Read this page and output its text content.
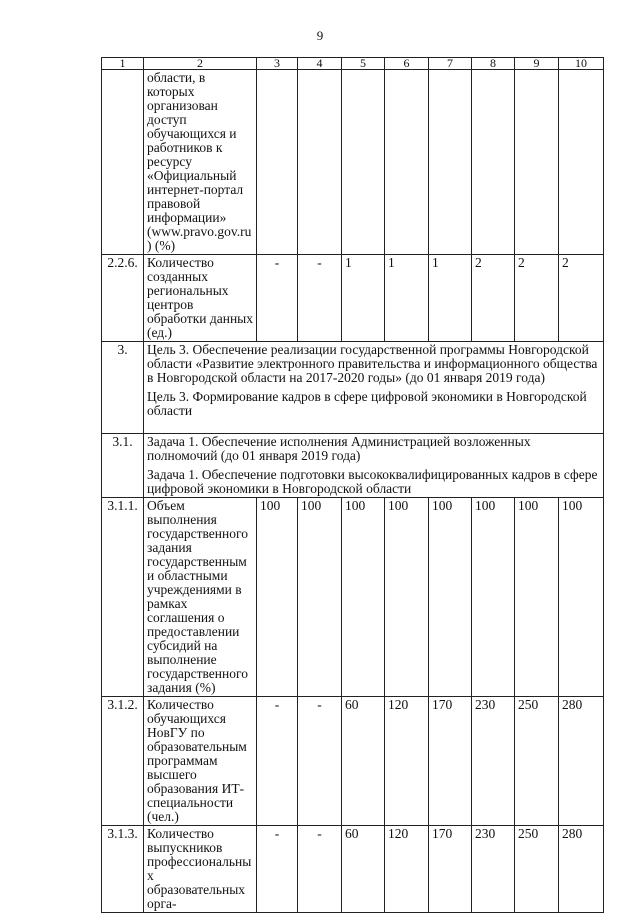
9
1	2	3	4	5	6	7	8	9	10
	области, в которых организован доступ обучающихся и работников к ресурсу «Официальный интернет-портал правовой информации» (www.pravo.gov.ru) (%)								
2.2.6.	Количество созданных региональных центров обработки данных (ед.)	-	-	1	1	1	2	2	2
3.	Цель 3. Обеспечение реализации государственной программы Новгородской области «Развитие электронного правительства и информационного общества в Новгородской области на 2017-2020 годы» (до 01 января 2019 года)
Цель 3. Формирование кадров в сфере цифровой экономики в Новгородской области								

3.1.	Задача 1. Обеспечение исполнения Администрацией возложенных полномочий (до 01 января 2019 года)
Задача 1. Обеспечение подготовки высококвалифицированных кадров в сфере цифровой экономики в Новгородской области								

3.1.1.	Объем выполнения государственного задания государственными областными учреждениями в рамках соглашения о предоставлении субсидий на выполнение государственного задания (%)	100	100	100	100	100	100	100	100
3.1.2.	Количество обучающихся НовГУ по образовательным программам высшего образования ИТ-специальности (чел.)	-	-	60	120	170	230	250	280
3.1.3.	Количество выпускников профессиональных образовательных орга-	-	-	60	120	170	230	250	280
